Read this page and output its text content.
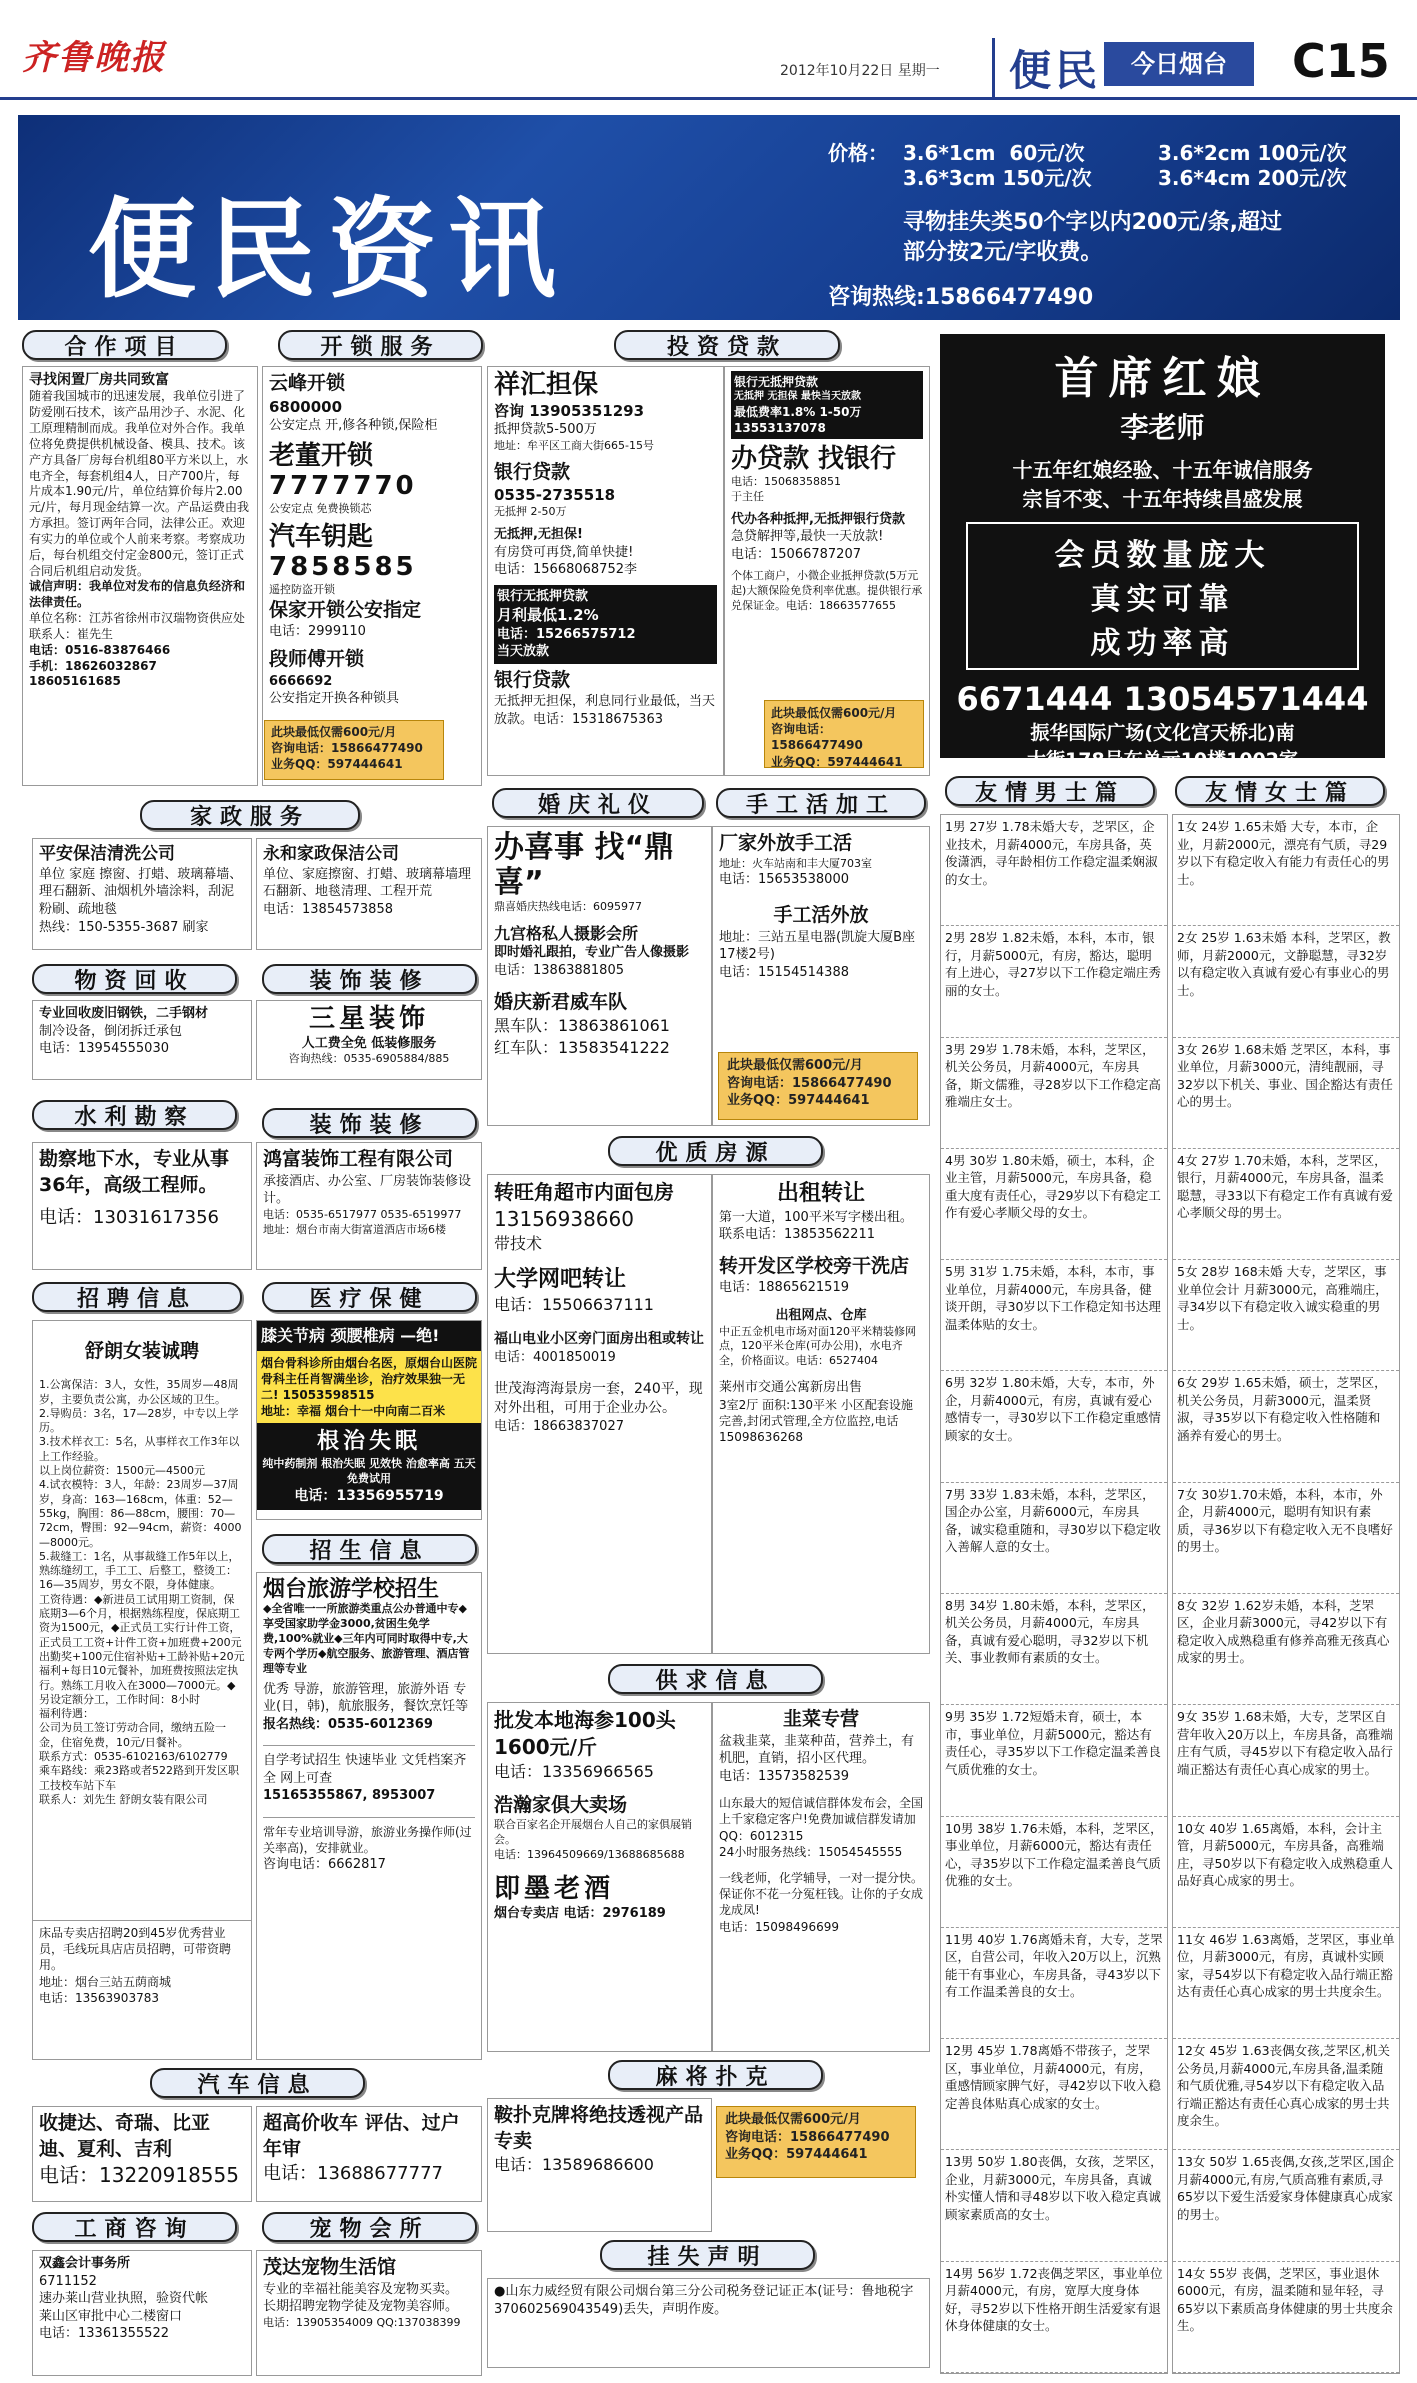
齐鲁晚报	2012年10月22日 星期一	便民	今日烟台	C15
便民资讯
价格： 3.6*1cm  60元/次	3.6*2cm 100元/次
3.6*3cm 150元/次	3.6*4cm 200元/次
寻物挂失类50个字以内200元/条,超过
部分按2元/字收费。
咨询热线:15866477490
合作项目

寻找闲置厂房共同致富

随着我国城市的迅速发展，我单位引进了防爱刚石技术，该产品用沙子、水泥、化工原理精制而成。我单位对外合作。我单位将免费提供机械设备、模具、技术。该产方具备厂房每台机组80平方米以上，水电齐全，每套机组4人，日产700片，每片成本1.90元/片，单位结算价每片2.00元/片，每月现金结算一次。产品运费由我方承担。签订两年合同，法律公正。欢迎有实力的单位或个人前来考察。考察成功后，每台机组交付定金800元，签订正式合同后机组启动发货。

诚信声明：我单位对发布的信息负经济和法律责任。

单位名称：江苏省徐州市汉瑞物资供应处

联系人：崔先生

电话：0516-83876466

手机：18626032867 18605161685

开锁服务

云峰开锁

6800000

公安定点 开,修各种锁,保险柜

老董开锁

7777770

公安定点 免费换锁芯

汽车钥匙

7858585

遥控防盗开锁

保家开锁公安指定

电话：2999110

段师傅开锁

6666692

公安指定开换各种锁具

此块最低仅需600元/月

咨询电话：15866477490

业务QQ：597444641

投资贷款

祥汇担保

咨询 13905351293

抵押贷款5-500万

地址：牟平区工商大街665-15号

银行贷款

0535-2735518

无抵押 2-50万

无抵押,无担保!

有房贷可再贷,简单快捷!

电话：15668068752李

银行无抵押贷款

月利最低1.2%

电话：15266575712

当天放款

银行贷款

无抵押无担保，利息同行业最低，当天放款。电话：15318675363

银行无抵押贷款

无抵押 无担保 最快当天放款

最低费率1.8% 1-50万

13553137078

办贷款 找银行

电话：15068358851

于主任

代办各种抵押,无抵押银行贷款

急贷解押等,最快一天放款!

电话：15066787207

个体工商户，小微企业抵押贷款(5万元起)大额保险免贷利率优惠。提供银行承兑保证金。电话：18663577655

此块最低仅需600元/月

咨询电话：15866477490

业务QQ：597444641

首席红娘

李老师

十五年红娘经验、十五年诚信服务

宗旨不变、十五年持续昌盛发展

会员数量庞大

真实可靠

成功率高

6671444 13054571444

振华国际广场(文化宫天桥北)南

大街178号东单元10楼1002室

家政服务

平安保洁清洗公司

单位 家庭 擦窗、打蜡、玻璃幕墙、理石翻新、油烟机外墙涂料，刮泥粉刷、疏地毯

热线：150-5355-3687 刷家

永和家政保洁公司

单位、家庭擦窗、打蜡、玻璃幕墙理石翻新、地毯清理、工程开荒

电话：13854573858

物资回收	装饰装修

专业回收废旧钢铁，二手钢材

制冷设备，倒闭拆迁承包

电话：13954555030

三星装饰

人工费全免 低装修服务

咨询热线：0535-6905884/885

水利勘察	装饰装修

勘察地下水，专业从事36年，高级工程师。

电话：13031617356

鸿富装饰工程有限公司

承接酒店、办公室、厂房装饰装修设计。

电话：0535-6517977 0535-6519977

地址：烟台市南大街富道酒店市场6楼

招聘信息

舒朗女装诚聘

1.公寓保洁：3人，女性，35周岁—48周岁，主要负责公寓，办公区域的卫生。
2.导购员：3名，17—28岁，中专以上学历。
3.技术样衣工：5名，从事样衣工作3年以上工作经验。
以上岗位薪资：1500元—4500元
4.试衣模特：3人，年龄：23周岁—37周岁，身高：163—168cm，体重：52—55kg，胸围：86—88cm，腰围：70—72cm，臀围：92—94cm，薪资：4000—8000元。
5.裁缝工：1名，从事裁缝工作5年以上，熟练缝纫工，手工工、后整工，整烫工：16—35周岁，男女不限，身体健康。
工资待遇：◆新进员工试用期工资制，保底期3—6个月，根据熟练程度，保底期工资为1500元，◆正式员工实行计件工资，正式员工工资+计件工资+加班费+200元出勤奖+100元住宿补贴+工龄补贴+20元福利+每日10元餐补，加班费按照法定执行。熟练工月收入在3000—7000元。◆另设定额分工，工作时间：8小时
福利待遇：
公司为员工签订劳动合同，缴纳五险一金，住宿免费，10元/日餐补。
联系方式：0535-6102163/6102779
乘车路线：乘23路或者522路到开发区职工技校车站下车
联系人：刘先生 舒朗女装有限公司

床品专卖店招聘20到45岁优秀营业员，毛线玩具店店员招聘，可带资聘用。

地址：烟台三站五荫商城

电话：13563903783

医疗保健
膝关节病 颈腰椎病 —绝!

烟台骨科诊所由烟台名医，原烟台山医院骨科主任肖智满坐诊，治疗效果独一无二! 15053598515

地址：幸福 烟台十一中向南二百米

根治失眠

纯中药制剂 根治失眠 见效快 治愈率高 五天免费试用

电话：13356955719

招生信息

烟台旅游学校招生

◆全省唯一一所旅游类重点公办普通中专◆享受国家助学金3000,贫困生免学费,100%就业◆三年内可同时取得中专,大专两个学历◆航空服务、旅游管理、酒店管理等专业

优秀 导游，旅游管理，旅游外语 专业(日，韩)，航旅服务，餐饮烹饪等

报名热线：0535-6012369

自学考试招生 快速毕业 文凭档案齐全 网上可查

15165355867, 8953007

常年专业培训导游，旅游业务操作师(过关率高)，安排就业。

咨询电话：6662817

汽车信息

收捷达、奇瑞、比亚迪、夏利、吉利

电话：13220918555

超高价收车 评估、过户 年审

电话：13688677777

工商咨询	宠物会所

双鑫会计事务所

6711152

速办莱山营业执照，验资代帐

莱山区审批中心二楼窗口

电话：13361355522

茂达宠物生活馆

专业的幸福社能美容及宠物买卖。

长期招聘宠物学徒及宠物美容师。

电话：13905354009 QQ:137038399

婚庆礼仪	手工活加工

办喜事 找“鼎喜”

鼎喜婚庆热线电话：6095977

九宫格私人摄影会所

即时婚礼跟拍，专业广告人像摄影

电话：13863881805

婚庆新君威车队

黑车队：13863861061

红车队：13583541222

厂家外放手工活

地址：火车站南和丰大厦703室

电话：15653538000

手工活外放

地址：三站五星电器(凯旋大厦B座17楼2号)

电话：15154514388

此块最低仅需600元/月

咨询电话：15866477490

业务QQ：597444641

优质房源

转旺角超市内面包房

13156938660

带技术

大学网吧转让

电话：15506637111

福山电业小区旁门面房出租或转让

电话：4001850019

世茂海湾海景房一套，240平，现对外出租，可用于企业办公。

电话：18663837027

出租转让

第一大道，100平米写字楼出租。

联系电话：13853562211

转开发区学校旁干洗店

电话：18865621519

出租网点、仓库

中正五金机电市场对面120平米精装修网点，120平米仓库(可办公用)，水电齐全，价格面议。电话：6527404

莱州市交通公寓新房出售

3室2厅 面积:130平米 小区配套设施完善,封闭式管理,全方位监控,电话15098636268

供求信息

批发本地海参100头1600元/斤

电话：13356966565

浩瀚家俱大卖场

联合百家名企开展烟台人自己的家俱展销会。

电话：13964509669/13688685688

即墨老酒

烟台专卖店 电话：2976189

韭菜专营

盆栽韭菜，韭菜种苗，营养土，有机肥，直销，招小区代理。

电话：13573582539

山东最大的短信诚信群体发布会，全国上千家稳定客户!免费加诚信群发请加QQ：6012315

24小时服务热线：15054545555

一线老师，化学辅导，一对一提分快。保证你不花一分冤枉钱。让你的子女成龙成凤!

电话：15098496699

麻将扑克

鞍扑克牌将绝技透视产品专卖

电话：13589686600

此块最低仅需600元/月

咨询电话：15866477490

业务QQ：597444641

挂失声明

●山东力威经贸有限公司烟台第三分公司税务登记证正本(证号：鲁地税字370602569043549)丢失，声明作废。

友情男士篇	友情女士篇
1男 27岁 1.78未婚大专，芝罘区，企业技术，月薪4000元，车房具备，英俊潇洒，寻年龄相仿工作稳定温柔娴淑的女士。
2男 28岁 1.82未婚，本科，本市，银行，月薪5000元，有房，豁达，聪明有上进心，寻27岁以下工作稳定端庄秀丽的女士。
3男 29岁 1.78未婚，本科，芝罘区，机关公务员，月薪4000元，车房具备，斯文儒雅，寻28岁以下工作稳定高雅端庄女士。
4男 30岁 1.80未婚，硕士，本科，企业主管，月薪5000元，车房具备，稳重大度有责任心，寻29岁以下有稳定工作有爱心孝顺父母的女士。
5男 31岁 1.75未婚，本科，本市，事业单位，月薪4000元，车房具备，健谈开朗，寻30岁以下工作稳定知书达理温柔体贴的女士。
6男 32岁 1.80未婚，大专，本市，外企，月薪4000元，有房，真诚有爱心感情专一，寻30岁以下工作稳定重感情顾家的女士。
7男 33岁 1.83未婚，本科，芝罘区，国企办公室，月薪6000元，车房具备，诚实稳重随和，寻30岁以下稳定收入善解人意的女士。
8男 34岁 1.80未婚，本科，芝罘区，机关公务员，月薪4000元，车房具备，真诚有爱心聪明，寻32岁以下机关、事业教师有素质的女士。
9男 35岁 1.72短婚未育，硕士，本市，事业单位，月薪5000元，豁达有责任心，寻35岁以下工作稳定温柔善良气质优雅的女士。
10男 38岁 1.76未婚，本科，芝罘区，事业单位，月薪6000元，豁达有责任心，寻35岁以下工作稳定温柔善良气质优雅的女士。
11男 40岁 1.76离婚未育，大专，芝罘区，自营公司，年收入20万以上，沉熟能干有事业心，车房具备，寻43岁以下有工作温柔善良的女士。
12男 45岁 1.78离婚不带孩子，芝罘区，事业单位，月薪4000元，有房，重感情顾家脾气好，寻42岁以下收入稳定善良体贴真心成家的女士。
13男 50岁 1.80丧偶，女孩，芝罘区，企业，月薪3000元，车房具备，真诚朴实懂人情和寻48岁以下收入稳定真诚顾家素质高的女士。
14男 56岁 1.72丧偶芝罘区，事业单位月薪4000元，有房，宽厚大度身体好，寻52岁以下性格开朗生活爱家有退休身体健康的女士。
1女 24岁 1.65未婚 大专，本市，企业，月薪2000元，漂亮有气质，寻29岁以下有稳定收入有能力有责任心的男士。
2女 25岁 1.63未婚 本科，芝罘区，教师，月薪2000元，文静聪慧，寻32岁以有稳定收入真诚有爱心有事业心的男士。
3女 26岁 1.68未婚 芝罘区，本科，事业单位，月薪3000元，清纯靓丽，寻32岁以下机关、事业、国企豁达有责任心的男士。
4女 27岁 1.70未婚，本科，芝罘区，银行，月薪4000元，车房具备，温柔聪慧，寻33以下有稳定工作有真诚有爱心孝顺父母的男士。
5女 28岁 168未婚 大专，芝罘区，事业单位会计 月薪3000元，高雅端庄，寻34岁以下有稳定收入诚实稳重的男士。
6女 29岁 1.65未婚，硕士，芝罘区，机关公务员，月薪3000元，温柔贤淑，寻35岁以下有稳定收入性格随和 涵养有爱心的男士。
7女 30岁1.70未婚，本科，本市，外企，月薪4000元，聪明有知识有素质，寻36岁以下有稳定收入无不良嗜好的男士。
8女 32岁 1.62岁未婚，本科，芝罘区，企业月薪3000元，寻42岁以下有稳定收入成熟稳重有修养高雅无孩真心成家的男士。
9女 35岁 1.68未婚，大专，芝罘区自营年收入20万以上，车房具备，高雅端庄有气质，寻45岁以下有稳定收入品行端正豁达有责任心真心成家的男士。
10女 40岁 1.65离婚，本科，会计主管，月薪5000元，车房具备，高雅端庄，寻50岁以下有稳定收入成熟稳重人品好真心成家的男士。
11女 46岁 1.63离婚，芝罘区，事业单位，月薪3000元，有房，真诚朴实顾家，寻54岁以下有稳定收入品行端正豁达有责任心真心成家的男士共度余生。
12女 45岁 1.63丧偶女孩,芝罘区,机关公务员,月薪4000元,车房具备,温柔随和气质优雅,寻54岁以下有稳定收入品行端正豁达有责任心真心成家的男士共度余生。
13女 50岁 1.65丧偶,女孩,芝罘区,国企月薪4000元,有房,气质高雅有素质,寻65岁以下爱生活爱家身体健康真心成家的男士。
14女 55岁 丧偶，芝罘区，事业退休6000元，有房，温柔随和显年轻，寻65岁以下素质高身体健康的男士共度余生。
